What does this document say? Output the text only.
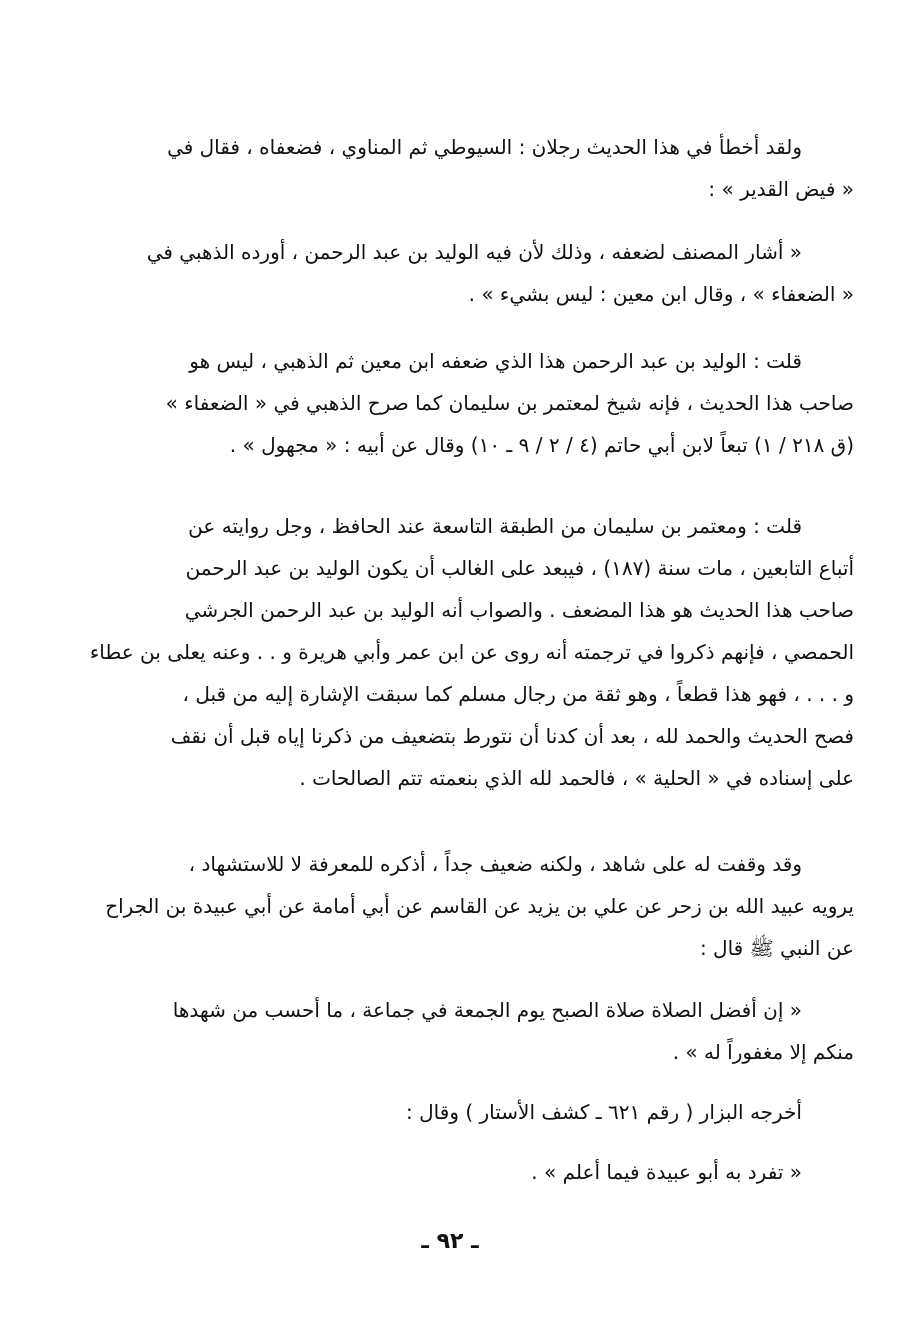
ولقد أخطأ في هذا الحديث رجلان : السيوطي ثم المناوي ، فضعفاه ، فقال في
« فيض القدير » :
« أشار المصنف لضعفه ، وذلك لأن فيه الوليد بن عبد الرحمن ، أورده الذهبي في
« الضعفاء » ، وقال ابن معين : ليس بشيء » .
قلت : الوليد بن عبد الرحمن هذا الذي ضعفه ابن معين ثم الذهبي ، ليس هو
صاحب هذا الحديث ، فإنه شيخ لمعتمر بن سليمان كما صرح الذهبي في « الضعفاء »
(ق ٢١٨ / ١) تبعاً لابن أبي حاتم (٤ / ٢ / ٩ ـ ١٠) وقال عن أبيه : « مجهول » .
قلت : ومعتمر بن سليمان من الطبقة التاسعة عند الحافظ ، وجل روايته عن
أتباع التابعين ، مات سنة (١٨٧) ، فيبعد على الغالب أن يكون الوليد بن عبد الرحمن
صاحب هذا الحديث هو هذا المضعف . والصواب أنه الوليد بن عبد الرحمن الجرشي
الحمصي ، فإنهم ذكروا في ترجمته أنه روى عن ابن عمر وأبي هريرة و . . وعنه يعلى بن عطاء
و . . . ، فهو هذا قطعاً ، وهو ثقة من رجال مسلم كما سبقت الإشارة إليه من قبل ،
فصح الحديث والحمد لله ، بعد أن كدنا أن نتورط بتضعيف من ذكرنا إياه قبل أن نقف
على إسناده في « الحلية » ، فالحمد لله الذي بنعمته تتم الصالحات .
وقد وقفت له على شاهد ، ولكنه ضعيف جداً ، أذكره للمعرفة لا للاستشهاد ،
يرويه عبيد الله بن زحر عن علي بن يزيد عن القاسم عن أبي أمامة عن أبي عبيدة بن الجراح
عن النبي ﷺ قال :
« إن أفضل الصلاة صلاة الصبح يوم الجمعة في جماعة ، ما أحسب من شهدها
منكم إلا مغفوراً له » .
أخرجه البزار ( رقم ٦٢١ ـ كشف الأستار ) وقال :
« تفرد به أبو عبيدة فيما أعلم » .
ـ ٩٢ ـ
